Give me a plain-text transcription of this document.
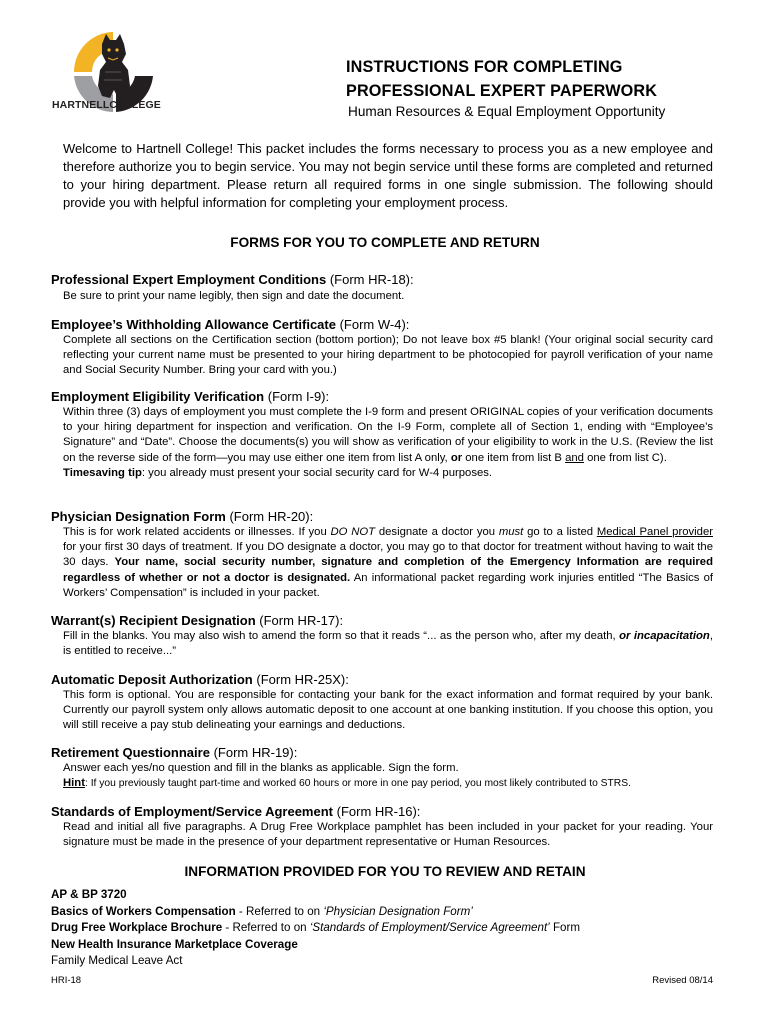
HARTNELLCOLLEGE
INSTRUCTIONS FOR COMPLETING
PROFESSIONAL EXPERT PAPERWORK
Human Resources & Equal Employment Opportunity
Welcome to Hartnell College! This packet includes the forms necessary to process you as a new employee and therefore authorize you to begin service. You may not begin service until these forms are completed and returned to your hiring department. Please return all required forms in one single submission. The following should provide you with helpful information for completing your employment process.
FORMS FOR YOU TO COMPLETE AND RETURN
Professional Expert Employment Conditions (Form HR-18):
Be sure to print your name legibly, then sign and date the document.
Employee’s Withholding Allowance Certificate (Form W-4):
Complete all sections on the Certification section (bottom portion); Do not leave box #5 blank! (Your original social security card reflecting your current name must be presented to your hiring department to be photocopied for payroll verification of your name and Social Security Number. Bring your card with you.)
Employment Eligibility Verification (Form I-9):
Within three (3) days of employment you must complete the I-9 form and present ORIGINAL copies of your verification documents to your hiring department for inspection and verification. On the I-9 Form, complete all of Section 1, ending with “Employee’s Signature” and “Date”. Choose the documents(s) you will show as verification of your eligibility to work in the U.S. (Review the list on the reverse side of the form—you may use either one item from list A only, or one item from list B and one from list C).
Timesaving tip: you already must present your social security card for W-4 purposes.
Physician Designation Form (Form HR-20):
This is for work related accidents or illnesses. If you DO NOT designate a doctor you must go to a listed Medical Panel provider for your first 30 days of treatment. If you DO designate a doctor, you may go to that doctor for treatment without having to wait the 30 days. Your name, social security number, signature and completion of the Emergency Information are required regardless of whether or not a doctor is designated. An informational packet regarding work injuries entitled “The Basics of Workers’ Compensation” is included in your packet.
Warrant(s) Recipient Designation (Form HR-17):
Fill in the blanks. You may also wish to amend the form so that it reads “... as the person who, after my death, or incapacitation, is entitled to receive...”
Automatic Deposit Authorization (Form HR-25X):
This form is optional. You are responsible for contacting your bank for the exact information and format required by your bank. Currently our payroll system only allows automatic deposit to one account at one banking institution. If you choose this option, you will still receive a pay stub delineating your earnings and deductions.
Retirement Questionnaire (Form HR-19):
Answer each yes/no question and fill in the blanks as applicable. Sign the form.
Hint: If you previously taught part-time and worked 60 hours or more in one pay period, you most likely contributed to STRS.
Standards of Employment/Service Agreement (Form HR-16):
Read and initial all five paragraphs. A Drug Free Workplace pamphlet has been included in your packet for your reading. Your signature must be made in the presence of your department representative or Human Resources.
INFORMATION PROVIDED FOR YOU TO REVIEW AND RETAIN
AP & BP 3720
Basics of Workers Compensation - Referred to on ‘Physician Designation Form’
Drug Free Workplace Brochure - Referred to on ‘Standards of Employment/Service Agreement’ Form
New Health Insurance Marketplace Coverage
Family Medical Leave Act
HRI-18	Revised 08/14
